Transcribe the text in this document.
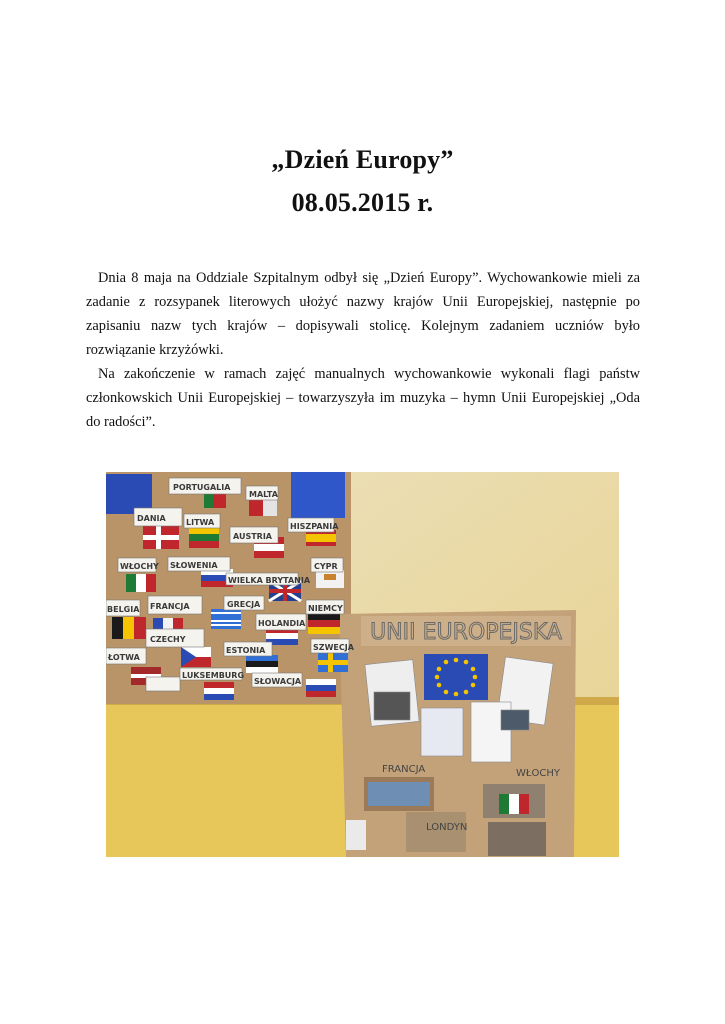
„Dzień Europy”
08.05.2015 r.

Dnia 8 maja na Oddziale Szpitalnym odbył się „Dzień Europy”. Wychowankowie mieli za zadanie z rozsypanek literowych ułożyć nazwy krajów Unii Europejskiej, następnie po zapisaniu nazw tych krajów – dopisywali stolicę. Kolejnym zadaniem uczniów było rozwiązanie krzyżówki.

Na zakończenie w ramach zajęć manualnych wychowankowie wykonali flagi państw członkowskich Unii Europejskiej – towarzyszyła im muzyka – hymn Unii Europejskiej „Oda do radości”.

UNII EUROPEJSKA
FRANCJA	WŁOCHY
LONDYN
PORTUGALIA
MALTA
DANIA	LITWA	HISZPANIA
AUSTRIA
WŁOCHY SŁOWENIA	CYPR
WIELKA BRYTANIA
BELGIA FRANCJA	GRECJA	NIEMCY
CZECHY
HOLANDIA
ESTONIA	SZWECJA
ŁOTWA
LUKSEMBURG
SŁOWACJA
